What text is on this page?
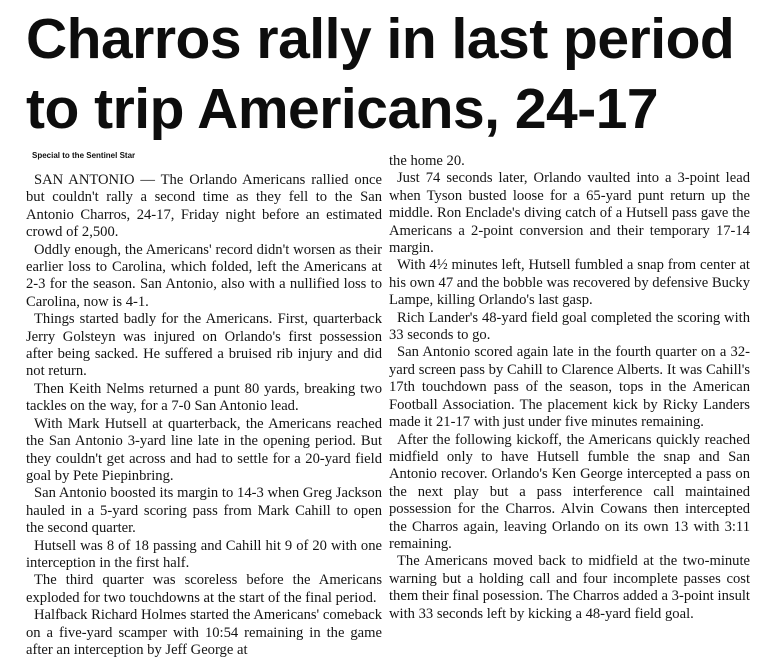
Charros rally in last period
to trip Americans, 24-17
Special to the Sentinel Star

SAN ANTONIO — The Orlando Americans rallied once but couldn't rally a second time as they fell to the San Antonio Charros, 24-17, Friday night before an estimated crowd of 2,500.

Oddly enough, the Americans' record didn't worsen as their earlier loss to Carolina, which folded, left the Americans at 2-3 for the season. San Antonio, also with a nullified loss to Carolina, now is 4-1.

Things started badly for the Americans. First, quarterback Jerry Golsteyn was injured on Orlando's first possession after being sacked. He suffered a bruised rib injury and did not return.

Then Keith Nelms returned a punt 80 yards, breaking two tackles on the way, for a 7-0 San Antonio lead.

With Mark Hutsell at quarterback, the Americans reached the San Antonio 3-yard line late in the opening period. But they couldn't get across and had to settle for a 20-yard field goal by Pete Piepinbring.

San Antonio boosted its margin to 14-3 when Greg Jackson hauled in a 5-yard scoring pass from Mark Cahill to open the second quarter.

Hutsell was 8 of 18 passing and Cahill hit 9 of 20 with one interception in the first half.

The third quarter was scoreless before the Americans exploded for two touchdowns at the start of the final period.

Halfback Richard Holmes started the Americans' comeback on a five-yard scamper with 10:54 remaining in the game after an interception by Jeff George at

the home 20.

Just 74 seconds later, Orlando vaulted into a 3-point lead when Tyson busted loose for a 65-yard punt return up the middle. Ron Enclade's diving catch of a Hutsell pass gave the Americans a 2-point conversion and their temporary 17-14 margin.

With 4½ minutes left, Hutsell fumbled a snap from center at his own 47 and the bobble was recovered by defensive Bucky Lampe, killing Orlando's last gasp.

Rich Lander's 48-yard field goal completed the scoring with 33 seconds to go.

San Antonio scored again late in the fourth quarter on a 32-yard screen pass by Cahill to Clarence Alberts. It was Cahill's 17th touchdown pass of the season, tops in the American Football Association. The placement kick by Ricky Landers made it 21-17 with just under five minutes remaining.

After the following kickoff, the Americans quickly reached midfield only to have Hutsell fumble the snap and San Antonio recover. Orlando's Ken George intercepted a pass on the next play but a pass interference call maintained possession for the Charros. Alvin Cowans then intercepted the Charros again, leaving Orlando on its own 13 with 3:11 remaining.

The Americans moved back to midfield at the two-minute warning but a holding call and four incomplete passes cost them their final posession. The Charros added a 3-point insult with 33 seconds left by kicking a 48-yard field goal.
